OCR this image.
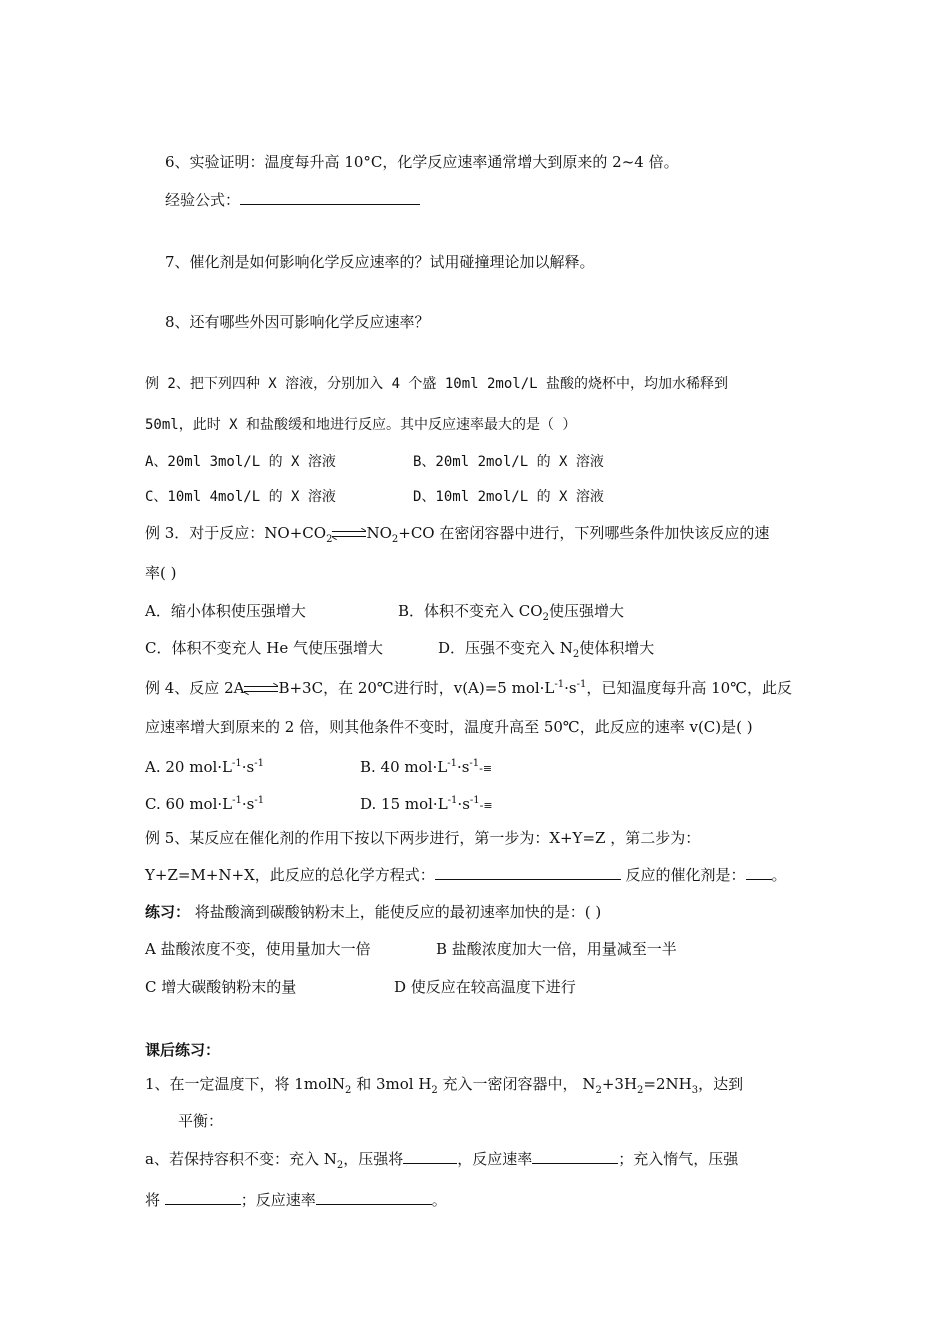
6、实验证明：温度每升高 10°C，化学反应速率通常增大到原来的 2~4 倍。
经验公式：
7、催化剂是如何影响化学反应速率的？试用碰撞理论加以解释。
8、还有哪些外因可影响化学反应速率？
例 2、把下列四种 X 溶液，分别加入 4 个盛 10ml 2mol/L 盐酸的烧杯中，均加水稀释到
50ml，此时 X 和盐酸缓和地进行反应。其中反应速率最大的是（ ）
A、20ml 3mol/L 的 X 溶液	B、20ml 2mol/L 的 X 溶液
C、10ml 4mol/L 的 X 溶液	D、10ml 2mol/L 的 X 溶液
例 3．对于反应：$NO+CO_2\rightleftharpoons NO_2+CO$ 在密闭容器中进行，下列哪些条件加快该反应的速
率( )
A．缩小体积使压强增大	B．体积不变充入 $CO_2$使压强增大
C．体积不变充人 He 气使压强增大	D．压强不变充入 $N_2$使体积增大
例 4、反应 2A⇌B+3C，在 20℃进行时，v(A)=5 $mol\cdot L^{-1}\cdot s^{-1}$，已知温度每升高 10℃，此反
应速率增大到原来的 2 倍，则其他条件不变时，温度升高至 50℃，此反应的速率 v(C)是( )
A. 20 $mol\cdot L^{-1}\cdot s^{-1}$	B. 40 $mol\cdot L^{-1}\cdot s^{-1}-\equiv$
C. 60 $mol\cdot L^{-1}\cdot s^{-1}$	D. 15 $mol\cdot L^{-1}\cdot s^{-1}-\equiv$
例 5、某反应在催化剂的作用下按以下两步进行，第一步为：X+Y=Z ，第二步为：
Y+Z=M+N+X，此反应的总化学方程式：	反应的催化剂是： 。
练习： 将盐酸滴到碳酸钠粉末上，能使反应的最初速率加快的是：( )
A 盐酸浓度不变，使用量加大一倍	B 盐酸浓度加大一倍，用量减至一半
C 增大碳酸钠粉末的量	D 使反应在较高温度下进行
课后练习：
1、在一定温度下，将 1molN$_2$ 和 3mol $H_2$ 充入一密闭容器中， $N_2+3H_2=2NH_3$，达到
平衡：
a、若保持容积不变：充入 $N_2$，压强将	，反应速率	；充入惰气，压强
将	；反应速率	。
